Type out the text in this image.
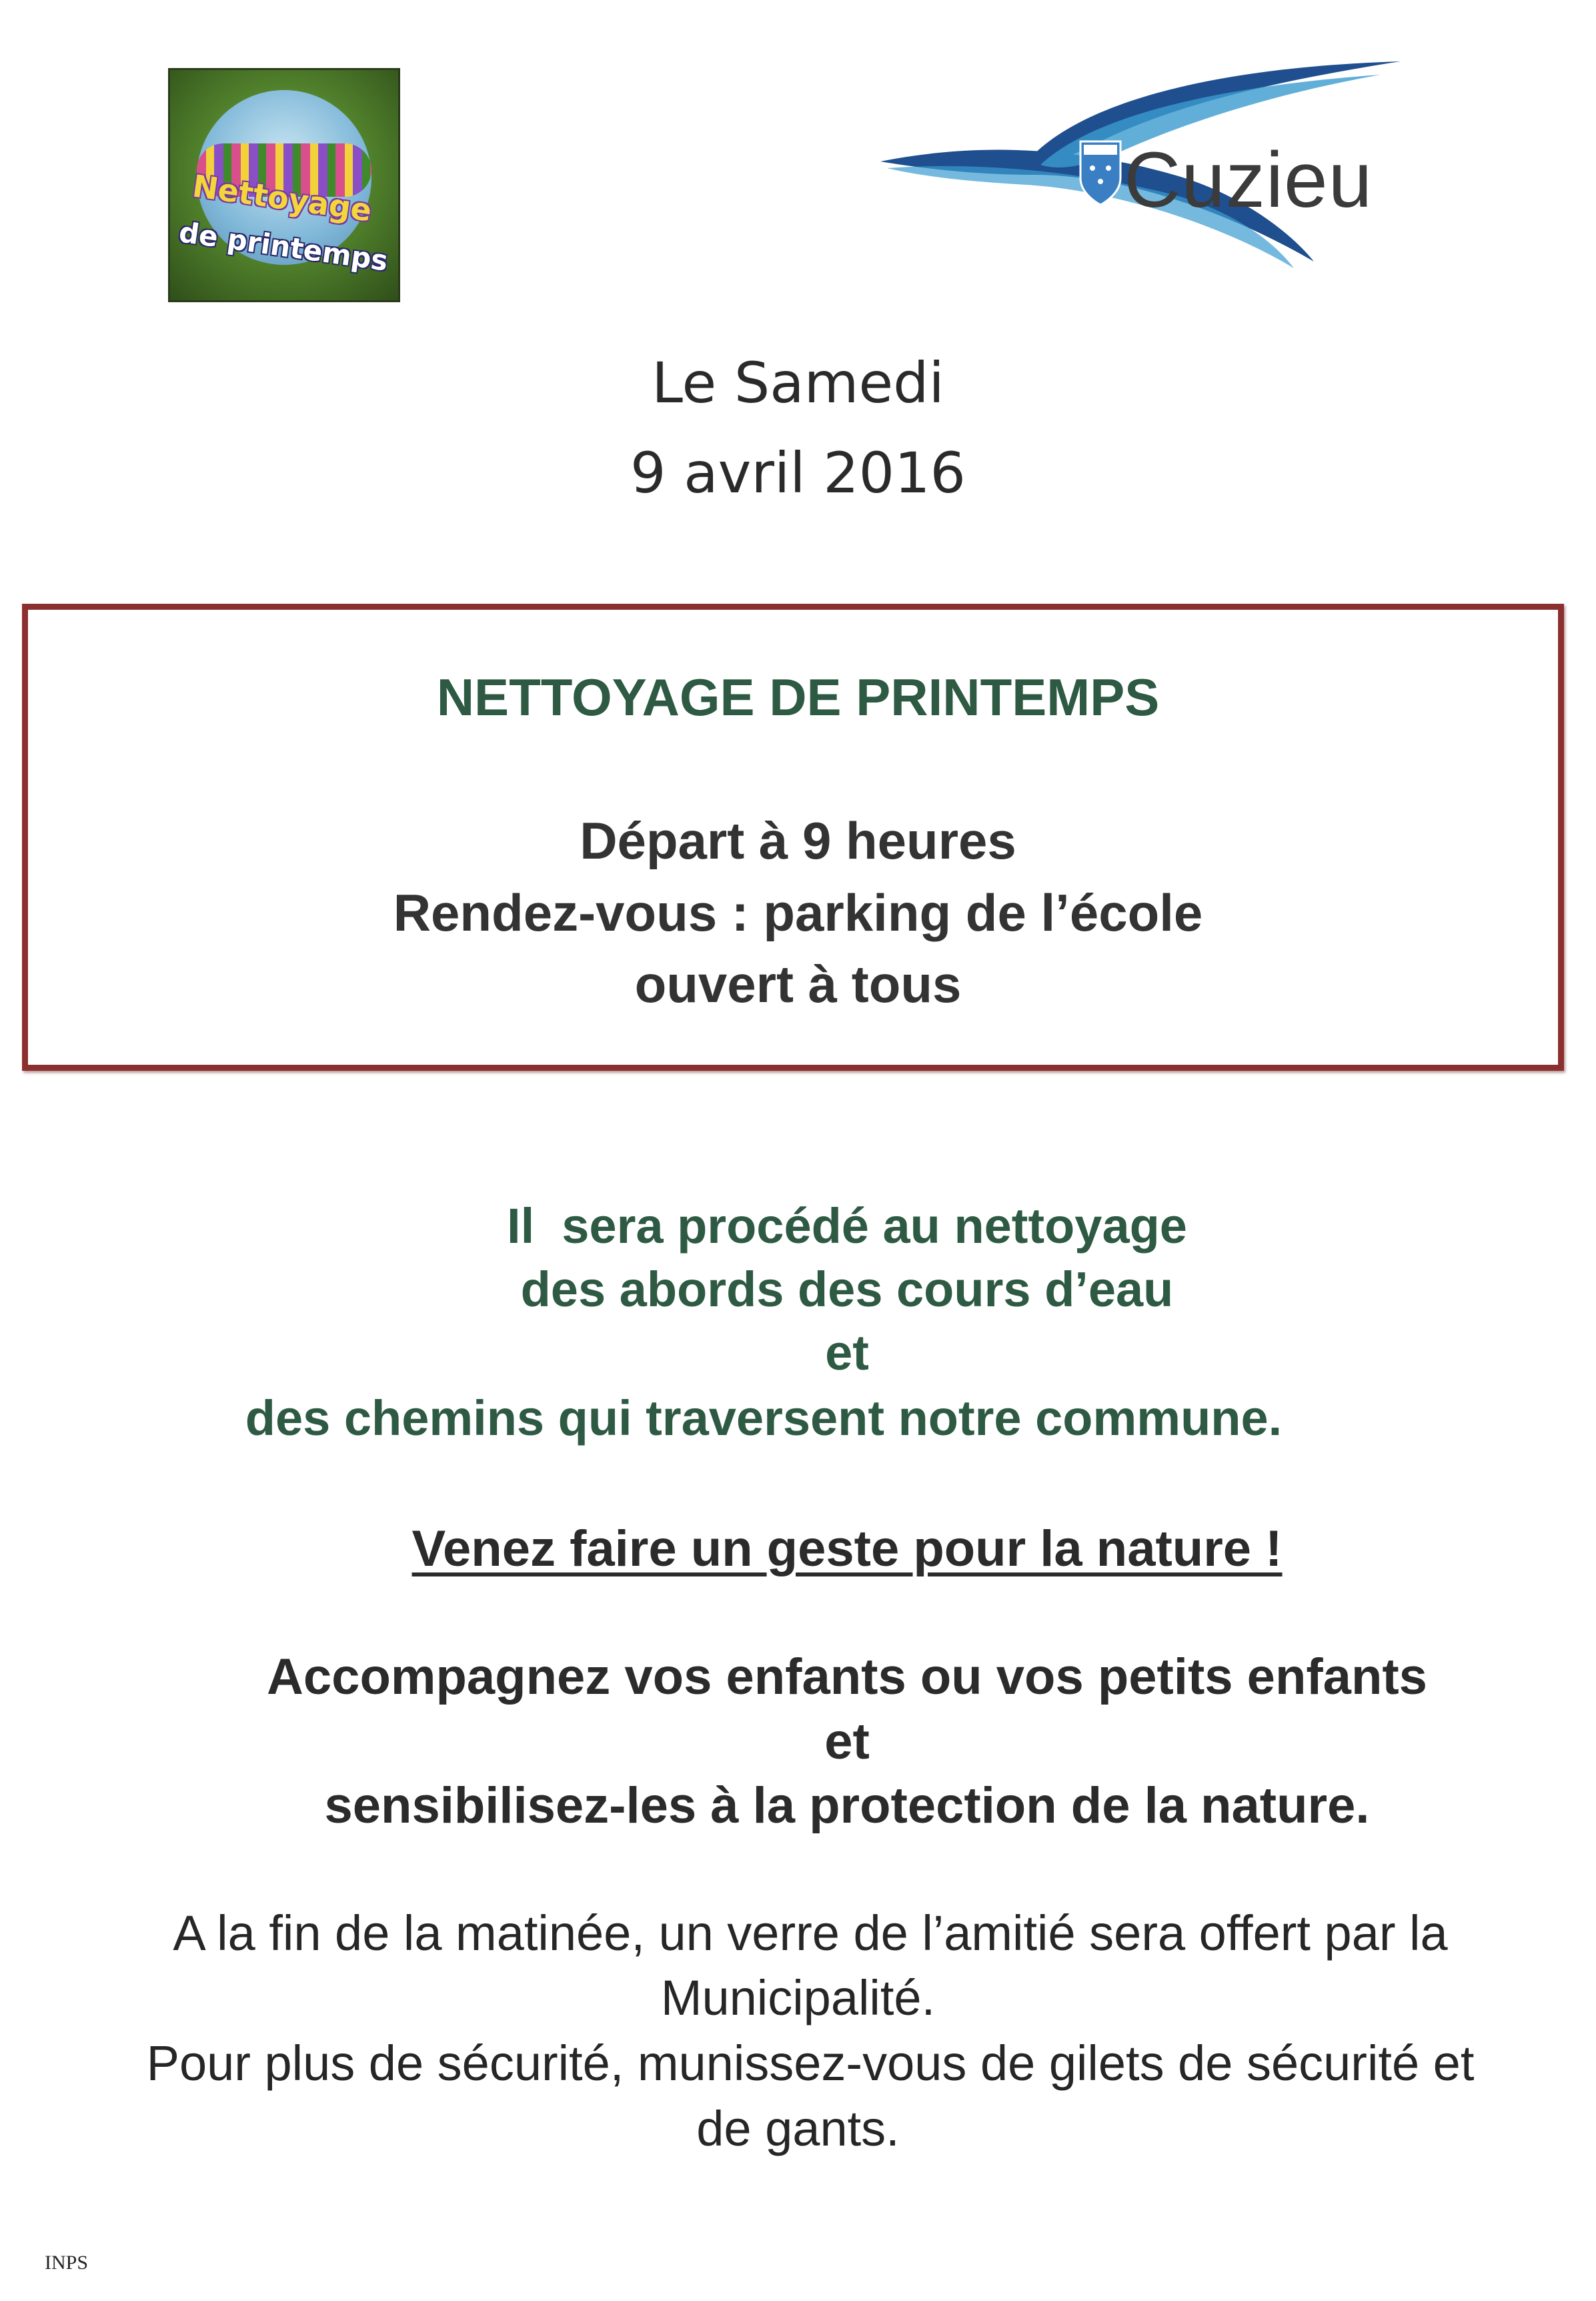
Nettoyage
de printemps
Cuzieu
Le Samedi
9 avril 2016
NETTOYAGE DE PRINTEMPS
Départ à 9 heures
Rendez-vous : parking de l’école
ouvert à tous
Il  sera procédé au nettoyage
des abords des cours d’eau
et
des chemins qui traversent notre commune.
Venez faire un geste pour la nature !
Accompagnez vos enfants ou vos petits enfants
et
sensibilisez-les à la protection de la nature.
A la fin de la matinée, un verre de l’amitié sera offert par la
Municipalité.
Pour plus de sécurité, munissez-vous de gilets de sécurité et
de gants.
INPS
